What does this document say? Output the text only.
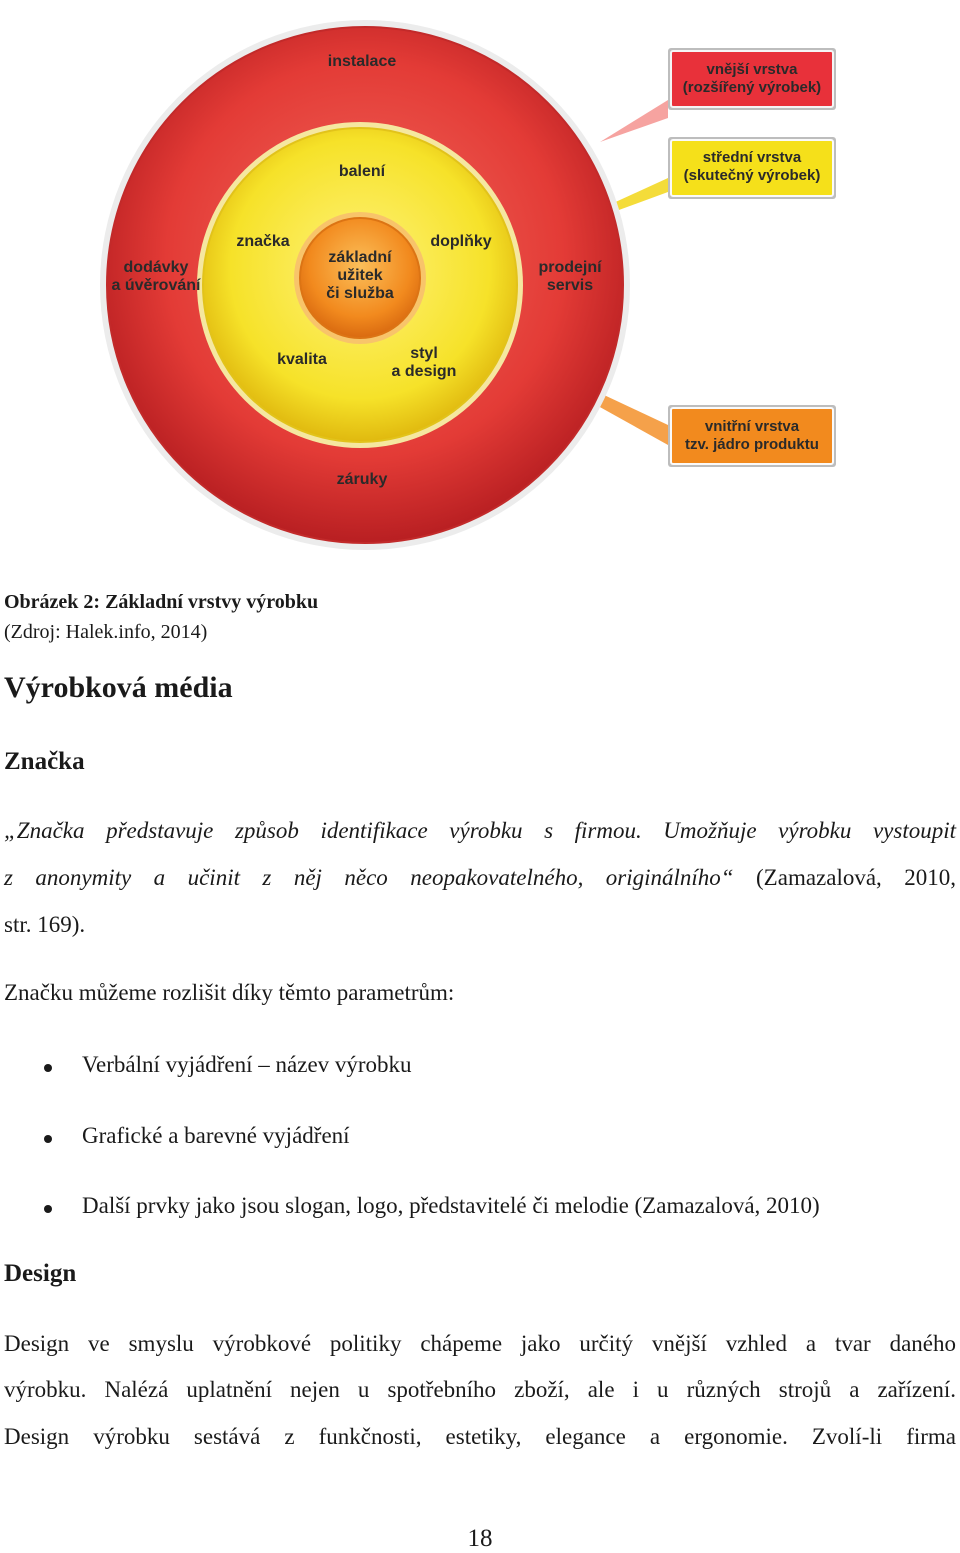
instalace
dodávky
a úvěrování
prodejní
servis
záruky
balení
značka	doplňky
kvalita	styl
a design
základní
užitek
či služba
vnější vrstva
(rozšířený výrobek)
střední vrstva
(skutečný výrobek)
vnitřní vrstva
tzv. jádro produktu

Obrázek 2: Základní vrstvy výrobku

(Zdroj: Halek.info, 2014)

Výrobková média
Značka

„Značka představuje způsob identifikace výrobku s firmou. Umožňuje výrobku vystoupit

z anonymity a učinit z něj něco neopakovatelného, originálního“ (Zamazalová, 2010,

str. 169).

Značku můžeme rozlišit díky těmto parametrům:

Verbální vyjádření – název výrobku
Grafické a barevné vyjádření
Další prvky jako jsou slogan, logo, představitelé či melodie (Zamazalová, 2010)
Design

Design ve smyslu výrobkové politiky chápeme jako určitý vnější vzhled a tvar daného

výrobku. Nalézá uplatnění nejen u spotřebního zboží, ale i u různých strojů a zařízení.

Design výrobku sestává z funkčnosti, estetiky, elegance a ergonomie. Zvolí-li firma

18
